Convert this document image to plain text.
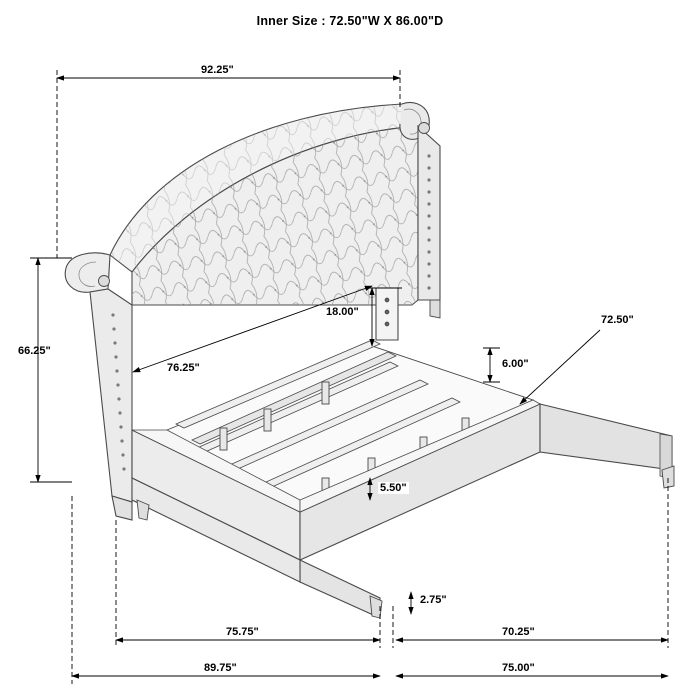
Inner Size : 72.50"W X 86.00"D
92.25"
66.25"
76.25"
18.00"
6.00"
5.50"
2.75"
72.50"
75.75"	70.25"
89.75"	75.00"
